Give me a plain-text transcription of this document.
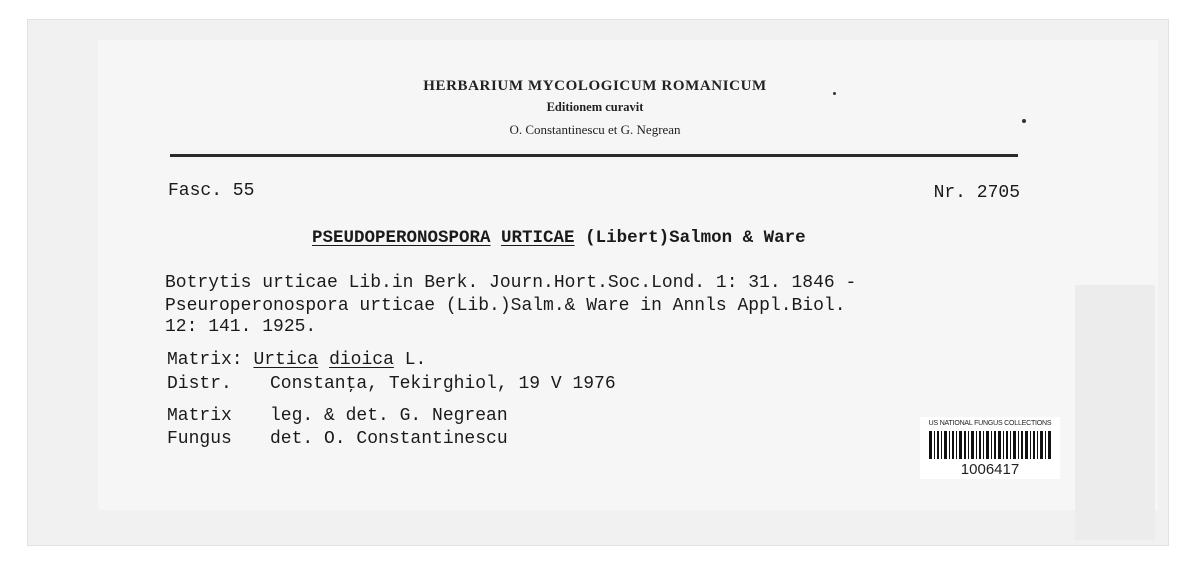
HERBARIUM MYCOLOGICUM ROMANICUM
Editionem curavit
O. Constantinescu et G. Negrean
Fasc. 55	Nr. 2705
PSEUDOPERONOSPORA URTICAE (Libert)Salmon & Ware
Botrytis urticae Lib.in Berk. Journ.Hort.Soc.Lond. 1: 31. 1846 -
Pseuroperonospora urticae (Lib.)Salm.& Ware in Annls Appl.Biol.
12: 141. 1925.
Matrix: Urtica dioica L.
Distr. Constanţa, Tekirghiol, 19 V 1976
Matrix leg. & det. G. Negrean
Fungus det. O. Constantinescu
US NATIONAL FUNGUS COLLECTIONS
1006417
